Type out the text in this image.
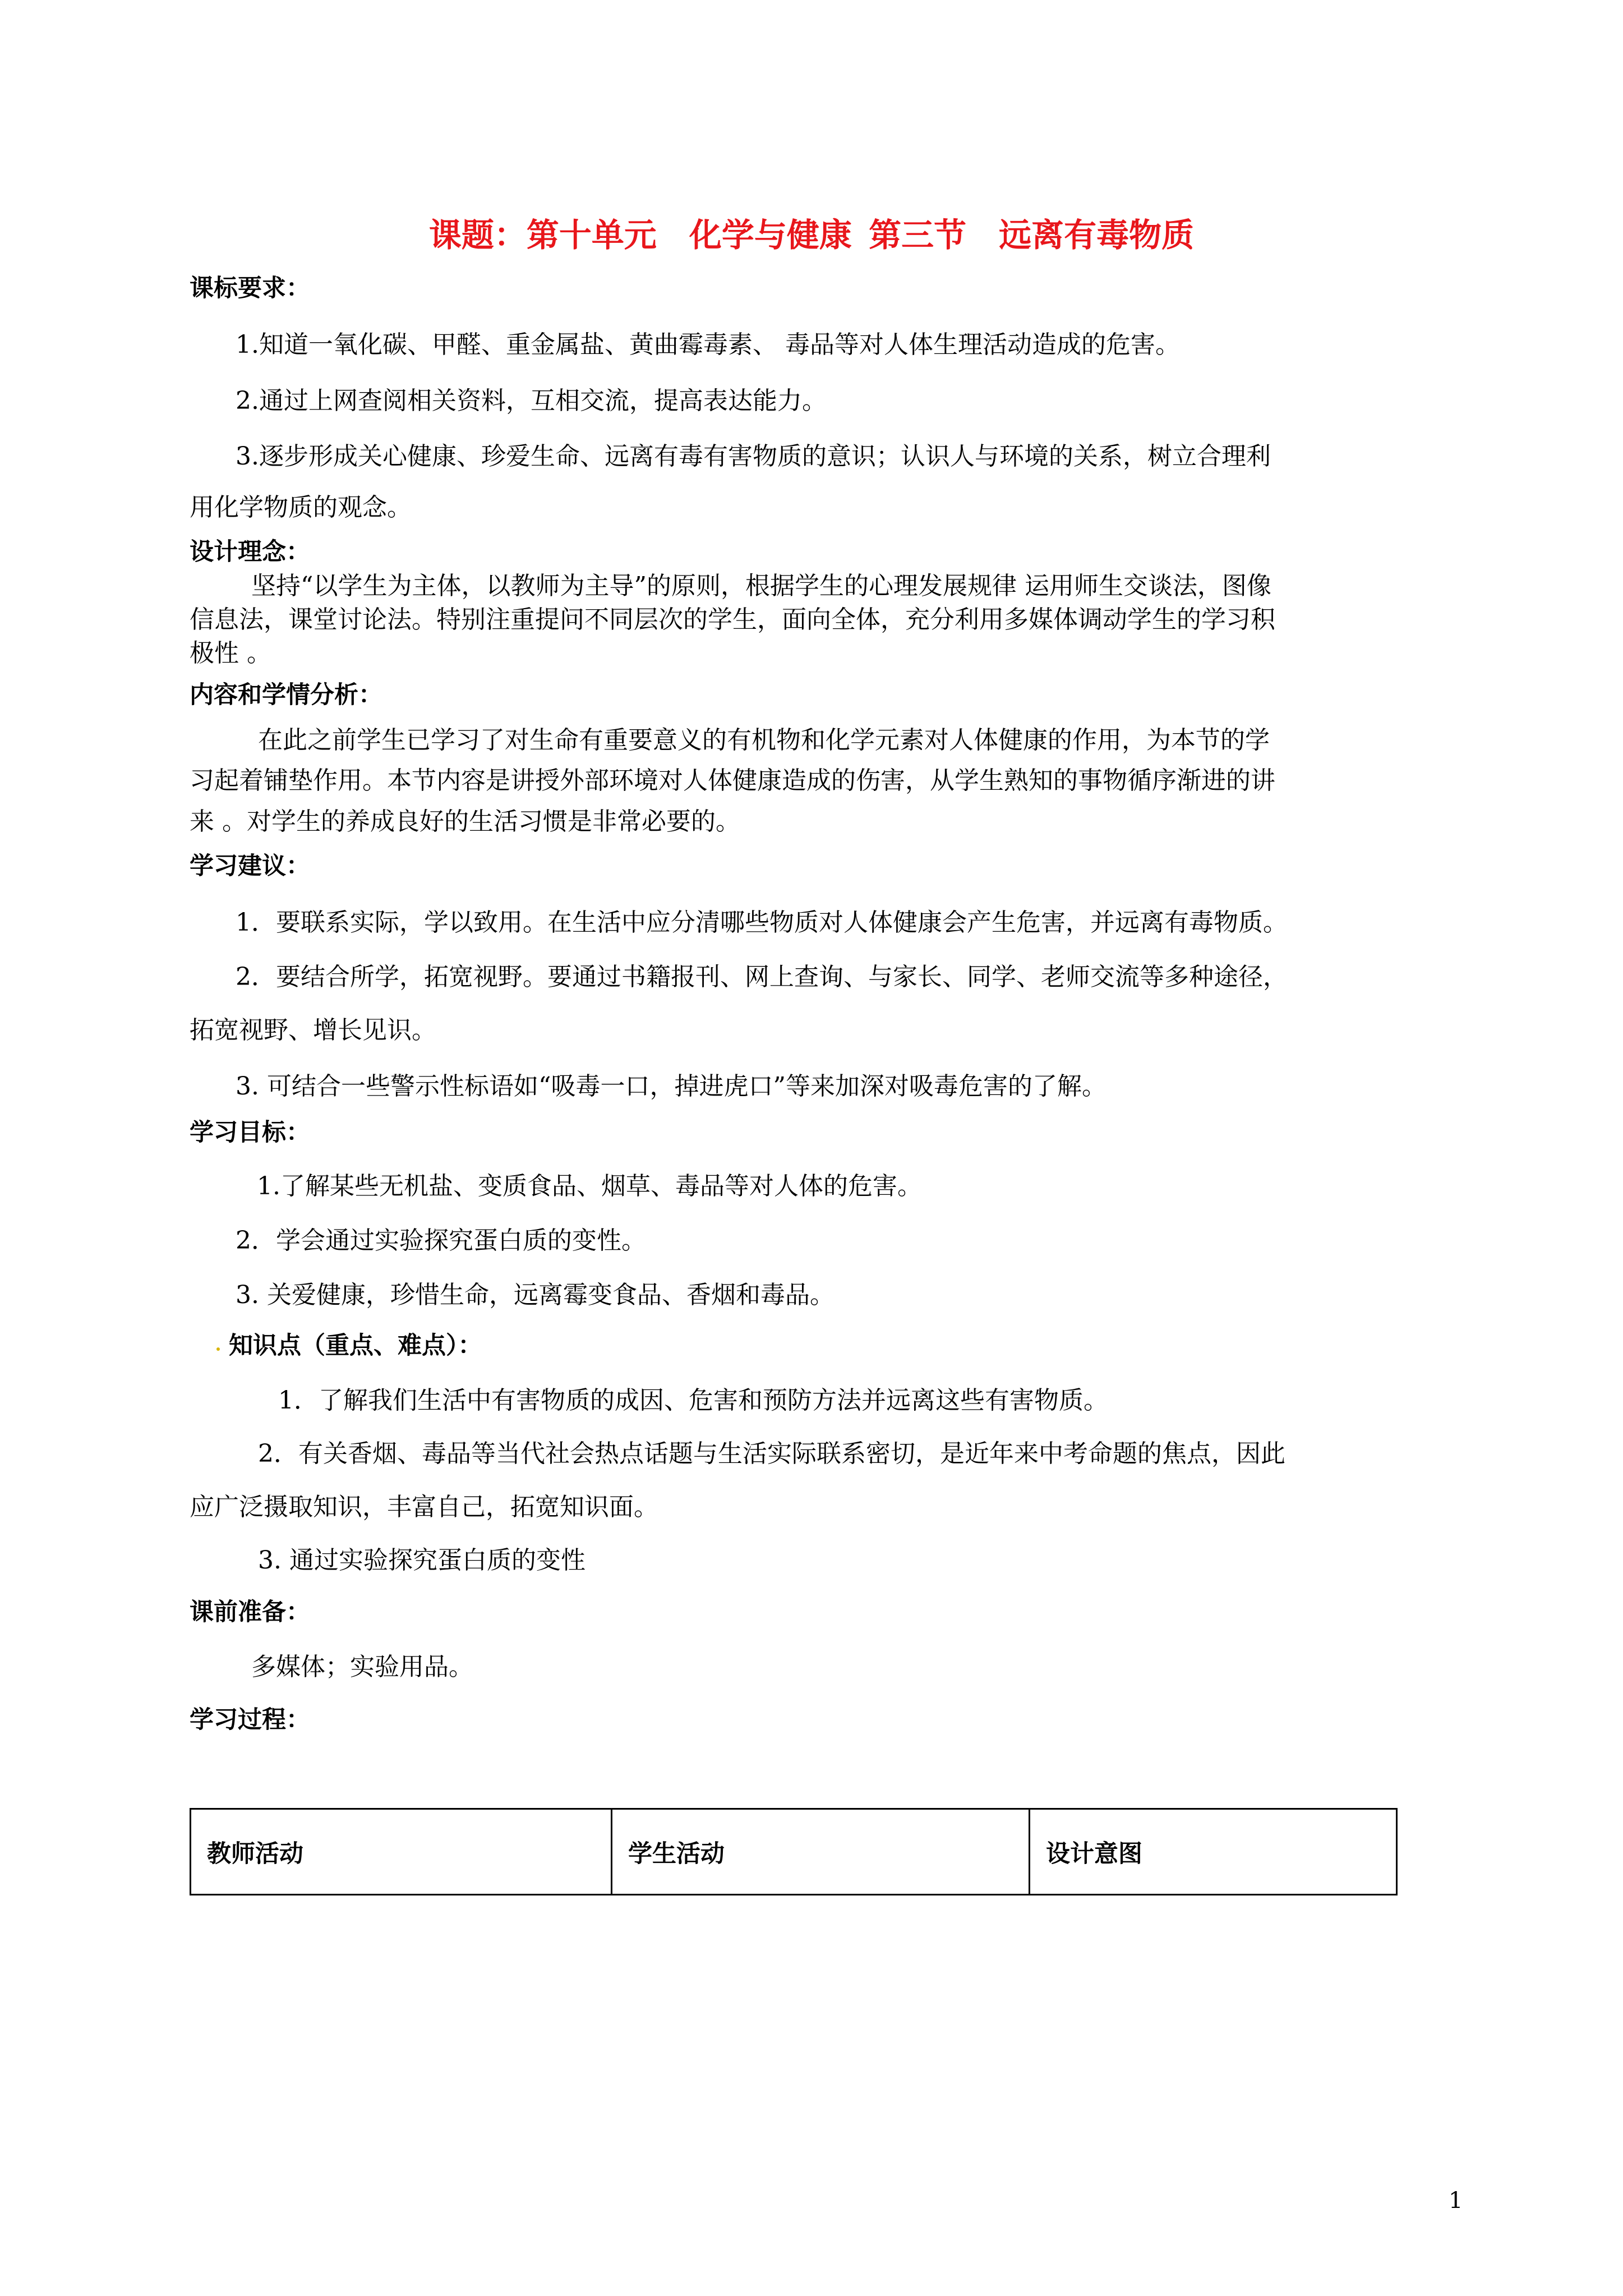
课题：第十单元　化学与健康 第三节　远离有毒物质
课标要求：
1.知道一氧化碳、甲醛、重金属盐、黄曲霉毒素、 毒品等对人体生理活动造成的危害。
2.通过上网查阅相关资料，互相交流，提高表达能力。
3.逐步形成关心健康、珍爱生命、远离有毒有害物质的意识；认识人与环境的关系，树立合理利
用化学物质的观念。
设计理念：
坚持“以学生为主体，以教师为主导”的原则，根据学生的心理发展规律 运用师生交谈法，图像
信息法，课堂讨论法。特别注重提问不同层次的学生，面向全体，充分利用多媒体调动学生的学习积
极性 。
内容和学情分析：
在此之前学生已学习了对生命有重要意义的有机物和化学元素对人体健康的作用，为本节的学
习起着铺垫作用。本节内容是讲授外部环境对人体健康造成的伤害，从学生熟知的事物循序渐进的讲
来 。对学生的养成良好的生活习惯是非常必要的。
学习建议：
1．要联系实际，学以致用。在生活中应分清哪些物质对人体健康会产生危害，并远离有毒物质。
2．要结合所学，拓宽视野。要通过书籍报刊、网上查询、与家长、同学、老师交流等多种途径，
拓宽视野、增长见识。
3. 可结合一些警示性标语如“吸毒一口，掉进虎口”等来加深对吸毒危害的了解。
学习目标：
1.了解某些无机盐、变质食品、烟草、毒品等对人体的危害。
2．学会通过实验探究蛋白质的变性。
3. 关爱健康，珍惜生命，远离霉变食品、香烟和毒品。
知识点（重点、难点）：
1．了解我们生活中有害物质的成因、危害和预防方法并远离这些有害物质。
2．有关香烟、毒品等当代社会热点话题与生活实际联系密切，是近年来中考命题的焦点，因此
应广泛摄取知识，丰富自己，拓宽知识面。
3. 通过实验探究蛋白质的变性
课前准备：
多媒体；实验用品。
学习过程：
教师活动	学生活动	设计意图
1
